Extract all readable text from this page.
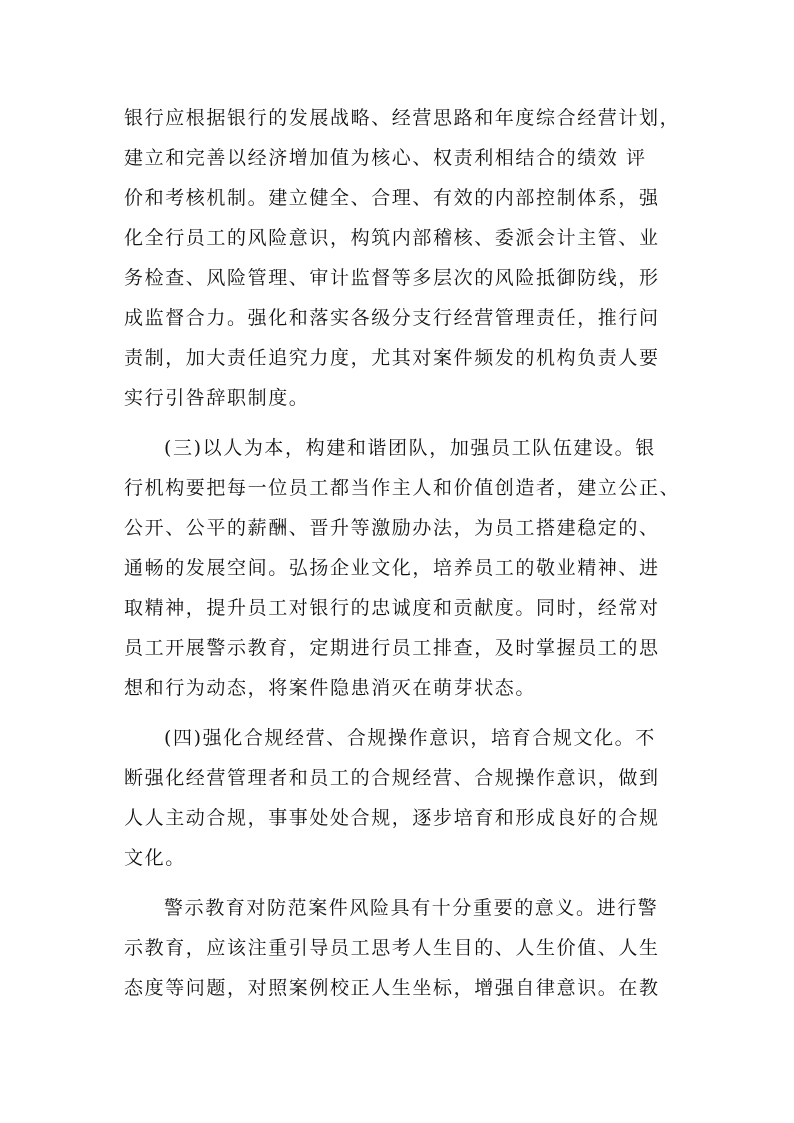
银行应根据银行的发展战略、经营思路和年度综合经营计划，
建立和完善以经济增加值为核心、权责利相结合的绩效 评
价和考核机制。建立健全、合理、有效的内部控制体系，强
化全行员工的风险意识，构筑内部稽核、委派会计主管、业
务检查、风险管理、审计监督等多层次的风险抵御防线，形
成监督合力。强化和落实各级分支行经营管理责任，推行问
责制，加大责任追究力度，尤其对案件频发的机构负责人要
实行引咎辞职制度。
(三)以人为本，构建和谐团队，加强员工队伍建设。银
行机构要把每一位员工都当作主人和价值创造者，建立公正、
公开、公平的薪酬、晋升等激励办法，为员工搭建稳定的、
通畅的发展空间。弘扬企业文化，培养员工的敬业精神、进
取精神，提升员工对银行的忠诚度和贡献度。同时，经常对
员工开展警示教育，定期进行员工排查，及时掌握员工的思
想和行为动态，将案件隐患消灭在萌芽状态。
(四)强化合规经营、合规操作意识，培育合规文化。不
断强化经营管理者和员工的合规经营、合规操作意识，做到
人人主动合规，事事处处合规，逐步培育和形成良好的合规
文化。
警示教育对防范案件风险具有十分重要的意义。进行警
示教育，应该注重引导员工思考人生目的、人生价值、人生
态度等问题，对照案例校正人生坐标，增强自律意识。在教
